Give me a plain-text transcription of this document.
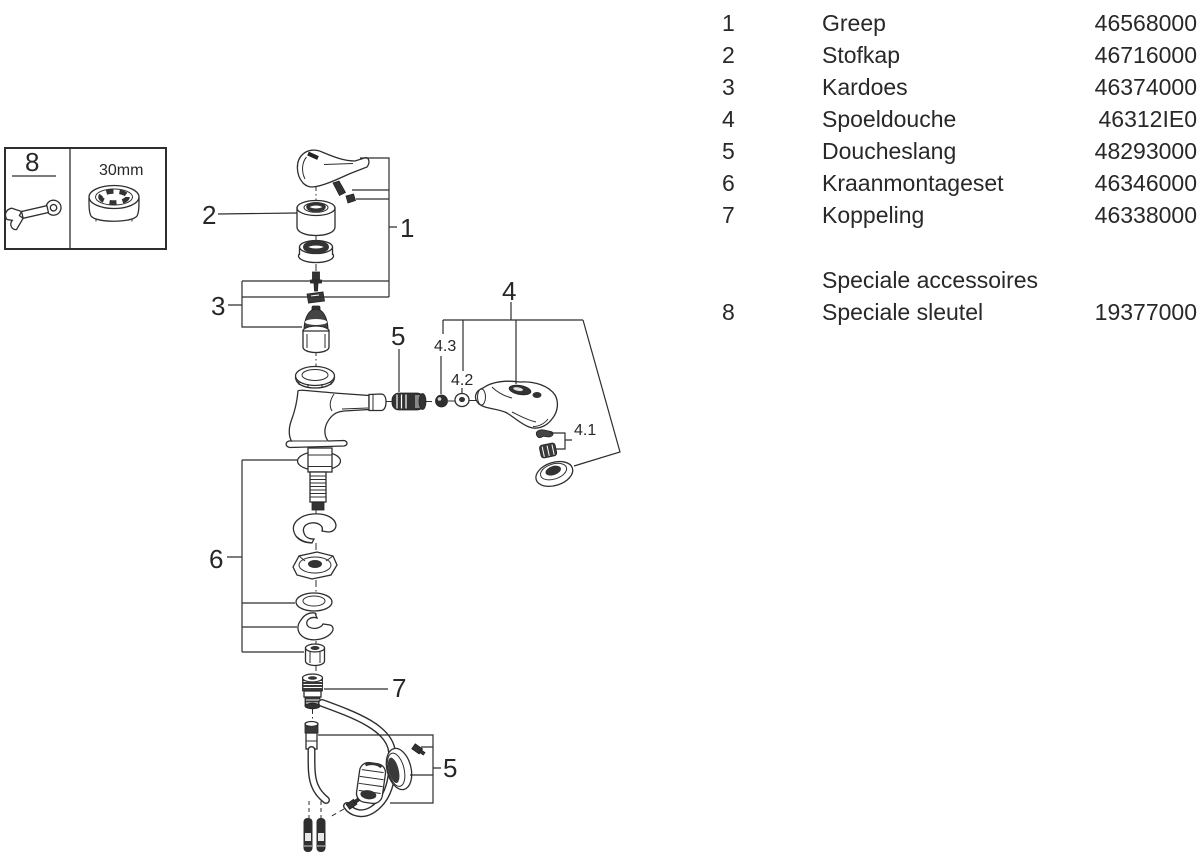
8	30mm
1
2
3	4
4.3
4.2
4.1
5
5
6
7
1	Greep	46568000
2	Stofkap	46716000
3	Kardoes	46374000
4	Spoeldouche	46312IE0
5	Doucheslang	48293000
6	Kraanmontageset	46346000
7	Koppeling	46338000
Speciale accessoires
8	Speciale sleutel	19377000
